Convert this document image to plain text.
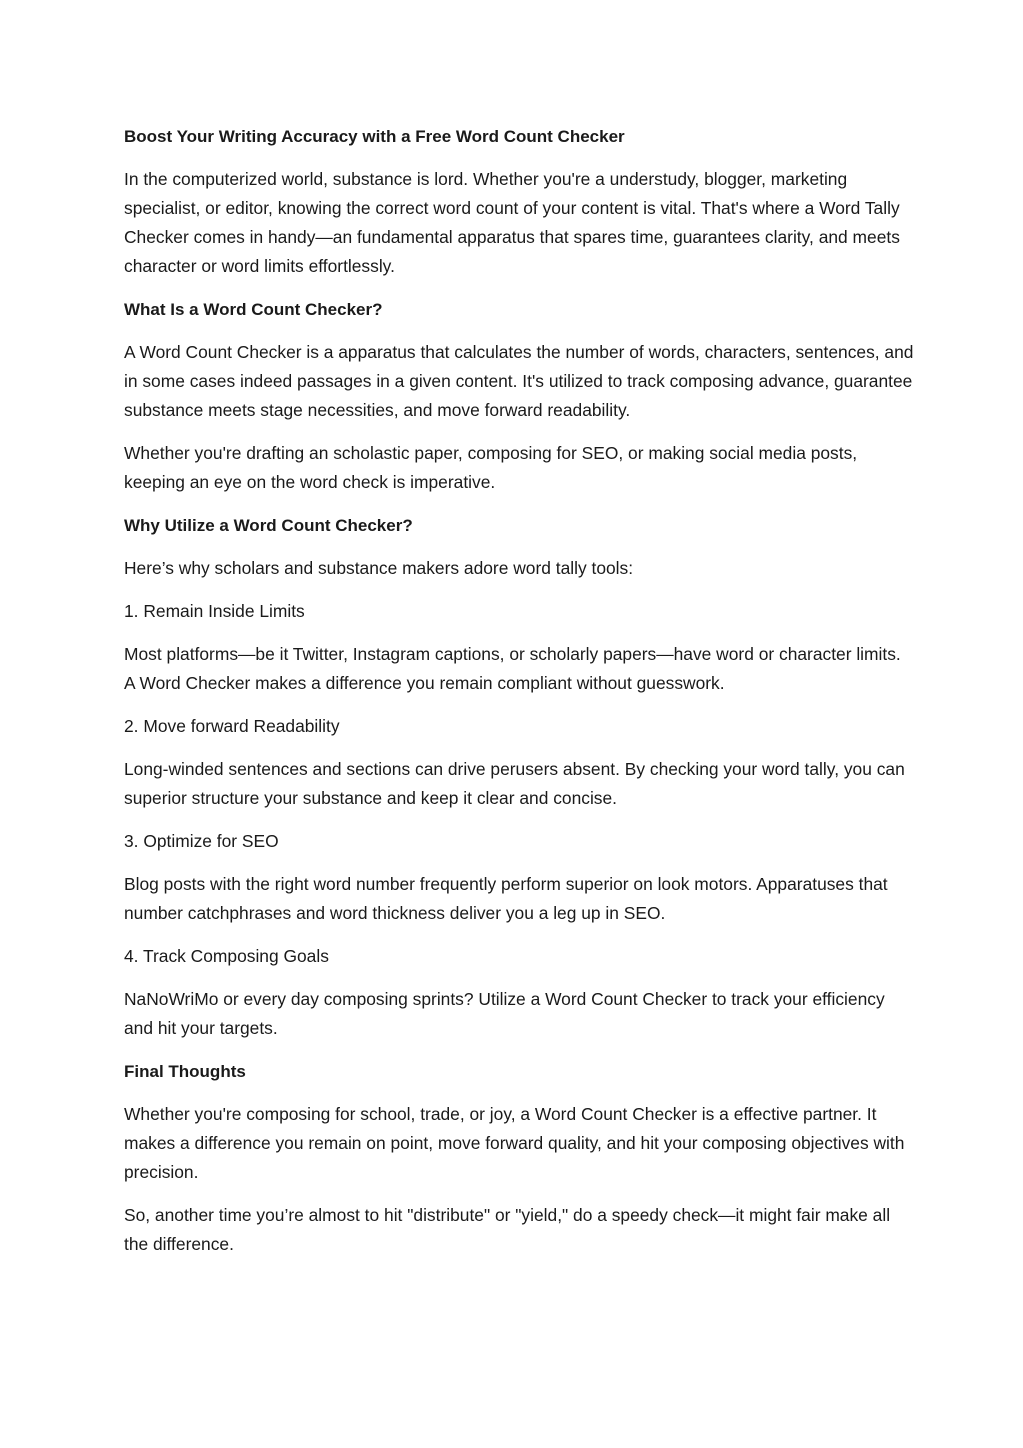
Boost Your Writing Accuracy with a Free Word Count Checker
In the computerized world, substance is lord. Whether you're a understudy, blogger, marketing specialist, or editor, knowing the correct word count of your content is vital. That's where a Word Tally Checker comes in handy—an fundamental apparatus that spares time, guarantees clarity, and meets character or word limits effortlessly.
What Is a Word Count Checker?
A Word Count Checker is a apparatus that calculates the number of words, characters, sentences, and in some cases indeed passages in a given content. It's utilized to track composing advance, guarantee substance meets stage necessities, and move forward readability.
Whether you're drafting an scholastic paper, composing for SEO, or making social media posts, keeping an eye on the word check is imperative.
Why Utilize a Word Count Checker?
Here’s why scholars and substance makers adore word tally tools:
1. Remain Inside Limits
Most platforms—be it Twitter, Instagram captions, or scholarly papers—have word or character limits. A Word Checker makes a difference you remain compliant without guesswork.
2. Move forward Readability
Long-winded sentences and sections can drive perusers absent. By checking your word tally, you can superior structure your substance and keep it clear and concise.
3. Optimize for SEO
Blog posts with the right word number frequently perform superior on look motors. Apparatuses that number catchphrases and word thickness deliver you a leg up in SEO.
4. Track Composing Goals
NaNoWriMo or every day composing sprints? Utilize a Word Count Checker to track your efficiency and hit your targets.
Final Thoughts
Whether you're composing for school, trade, or joy, a Word Count Checker is a effective partner. It makes a difference you remain on point, move forward quality, and hit your composing objectives with precision.
So, another time you’re almost to hit "distribute" or "yield," do a speedy check—it might fair make all the difference.
